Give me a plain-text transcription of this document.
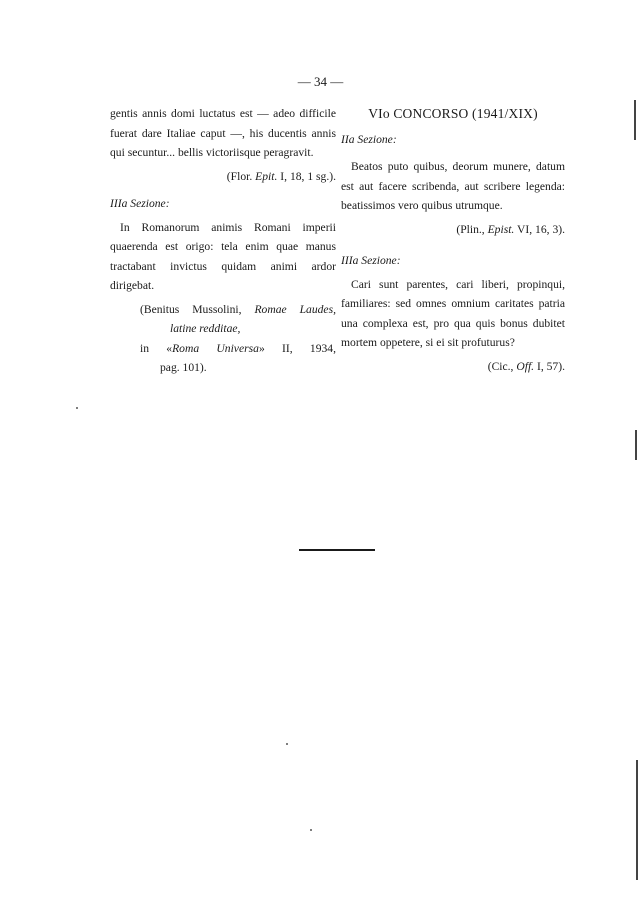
— 34 —

gentis annis domi luctatus est — adeo difficile fuerat dare Italiae caput —, his ducentis annis qui secuntur... bellis victoriisque peragravit.

(Flor. Epit. I, 18, 1 sg.).

IIIa Sezione:

In Romanorum animis Romani imperii quaerenda est origo: tela enim quae manus tractabant invictus quidam animi ardor dirigebat.

(Benitus Mussolini, Romae Laudes,
latine redditae,
in «Roma Universa» II, 1934,
pag. 101).

VIo CONCORSO (1941/XIX)

IIa Sezione:

Beatos puto quibus, deorum munere, datum est aut facere scribenda, aut scribere legenda: beatissimos vero quibus utrumque.

(Plin., Epist. VI, 16, 3).

IIIa Sezione:

Cari sunt parentes, cari liberi, propinqui, familiares: sed omnes omnium caritates patria una complexa est, pro qua quis bonus dubitet mortem oppetere, si ei sit profuturus?

(Cic., Off. I, 57).
